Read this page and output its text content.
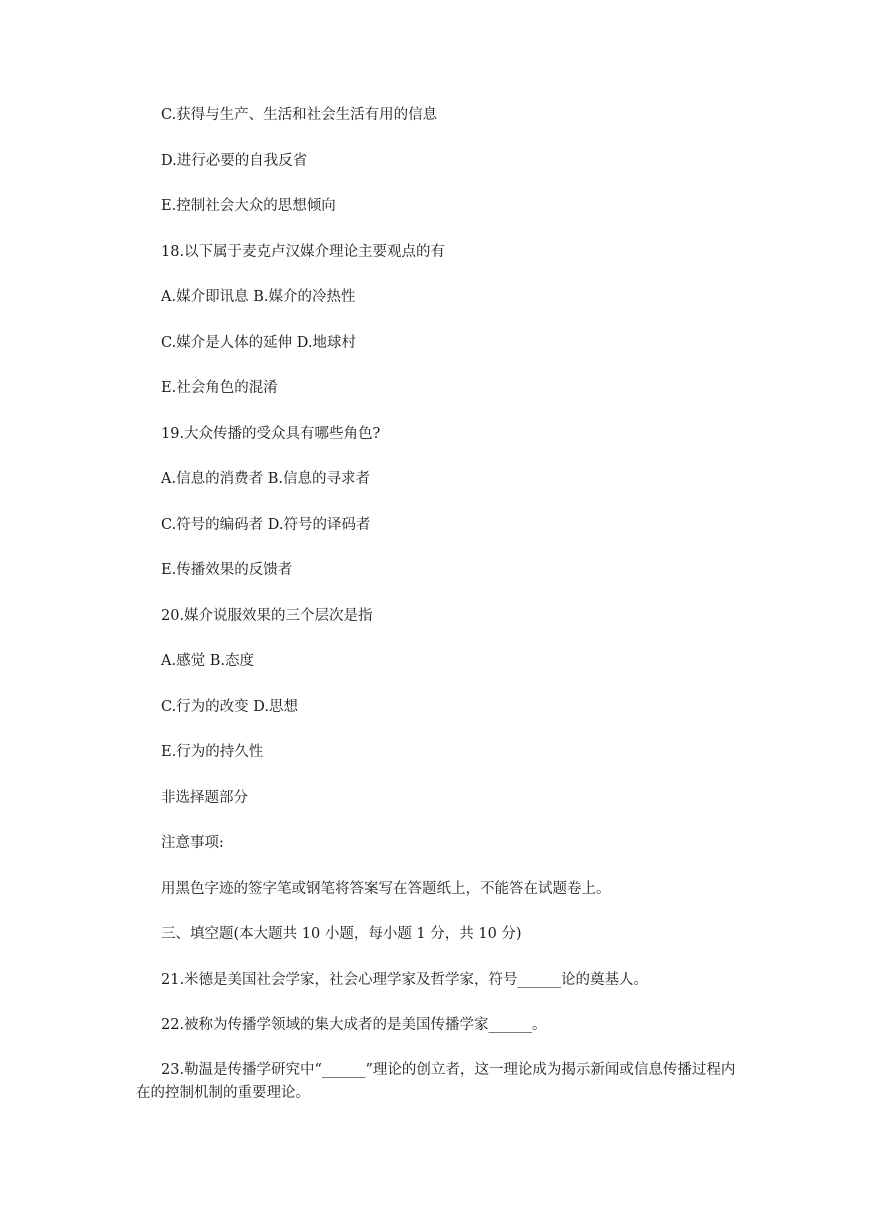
C.获得与生产、生活和社会生活有用的信息
D.进行必要的自我反省
E.控制社会大众的思想倾向
18.以下属于麦克卢汉媒介理论主要观点的有
A.媒介即讯息 B.媒介的冷热性
C.媒介是人体的延伸 D.地球村
E.社会角色的混淆
19.大众传播的受众具有哪些角色?
A.信息的消费者 B.信息的寻求者
C.符号的编码者 D.符号的译码者
E.传播效果的反馈者
20.媒介说服效果的三个层次是指
A.感觉 B.态度
C.行为的改变 D.思想
E.行为的持久性
非选择题部分
注意事项:
用黑色字迹的签字笔或钢笔将答案写在答题纸上，不能答在试题卷上。
三、填空题(本大题共 10 小题，每小题 1 分，共 10 分)
21.米德是美国社会学家，社会心理学家及哲学家，符号______论的奠基人。
22.被称为传播学领域的集大成者的是美国传播学家______。
23.勒温是传播学研究中“______”理论的创立者，这一理论成为揭示新闻或信息传播过程内在的控制机制的重要理论。
